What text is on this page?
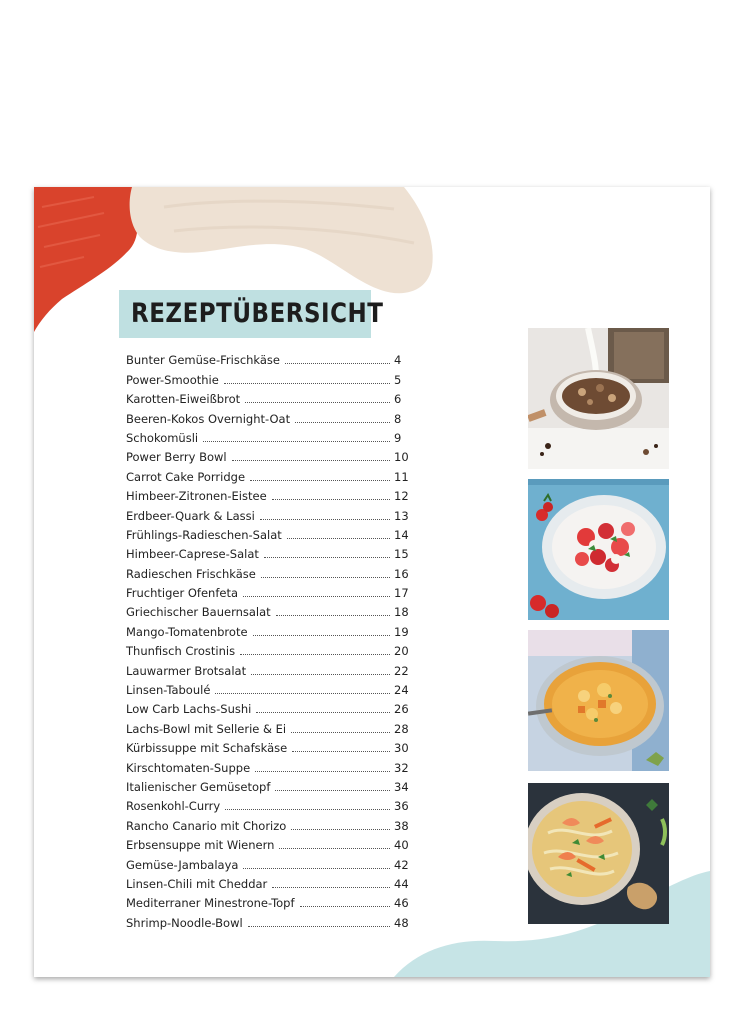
REZEPTÜBERSICHT
Bunter Gemüse-Frischkäse	4
Power-Smoothie	5
Karotten-Eiweißbrot	6
Beeren-Kokos Overnight-Oat	8
Schokomüsli	9
Power Berry Bowl	10
Carrot Cake Porridge	11
Himbeer-Zitronen-Eistee	12
Erdbeer-Quark & Lassi	13
Frühlings-Radieschen-Salat	14
Himbeer-Caprese-Salat	15
Radieschen Frischkäse	16
Fruchtiger Ofenfeta	17
Griechischer Bauernsalat	18
Mango-Tomatenbrote	19
Thunfisch Crostinis	20
Lauwarmer Brotsalat	22
Linsen-Taboulé	24
Low Carb Lachs-Sushi	26
Lachs-Bowl mit Sellerie & Ei	28
Kürbissuppe mit Schafskäse	30
Kirschtomaten-Suppe	32
Italienischer Gemüsetopf	34
Rosenkohl-Curry	36
Rancho Canario mit Chorizo	38
Erbsensuppe mit Wienern	40
Gemüse-Jambalaya	42
Linsen-Chili mit Cheddar	44
Mediterraner Minestrone-Topf	46
Shrimp-Noodle-Bowl	48
